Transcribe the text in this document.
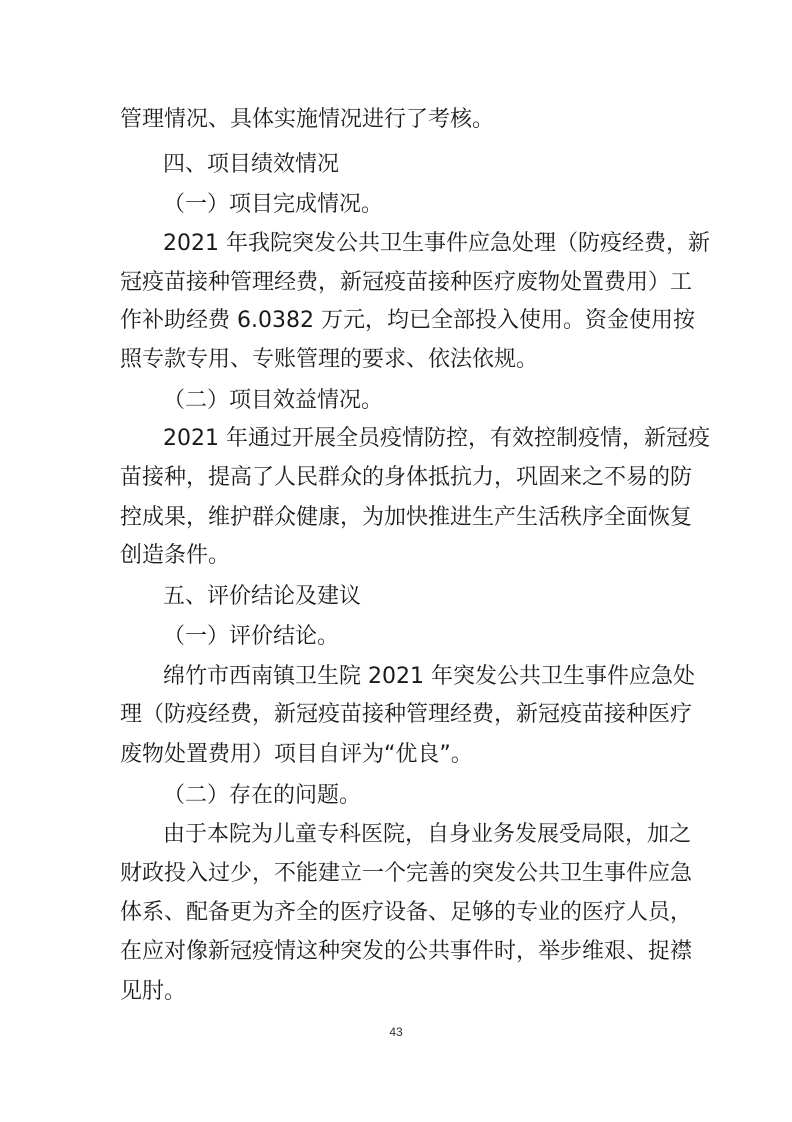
管理情况、具体实施情况进行了考核。
四、项目绩效情况
（一）项目完成情况。
2021 年我院突发公共卫生事件应急处理（防疫经费，新
冠疫苗接种管理经费，新冠疫苗接种医疗废物处置费用）工
作补助经费 6.0382 万元，均已全部投入使用。资金使用按
照专款专用、专账管理的要求、依法依规。
（二）项目效益情况。
2021 年通过开展全员疫情防控，有效控制疫情，新冠疫
苗接种，提高了人民群众的身体抵抗力，巩固来之不易的防
控成果，维护群众健康，为加快推进生产生活秩序全面恢复
创造条件。
五、评价结论及建议
（一）评价结论。
绵竹市西南镇卫生院 2021 年突发公共卫生事件应急处
理（防疫经费，新冠疫苗接种管理经费，新冠疫苗接种医疗
废物处置费用）项目自评为“优良”。
（二）存在的问题。
由于本院为儿童专科医院，自身业务发展受局限，加之
财政投入过少，不能建立一个完善的突发公共卫生事件应急
体系、配备更为齐全的医疗设备、足够的专业的医疗人员，
在应对像新冠疫情这种突发的公共事件时，举步维艰、捉襟
见肘。
43
